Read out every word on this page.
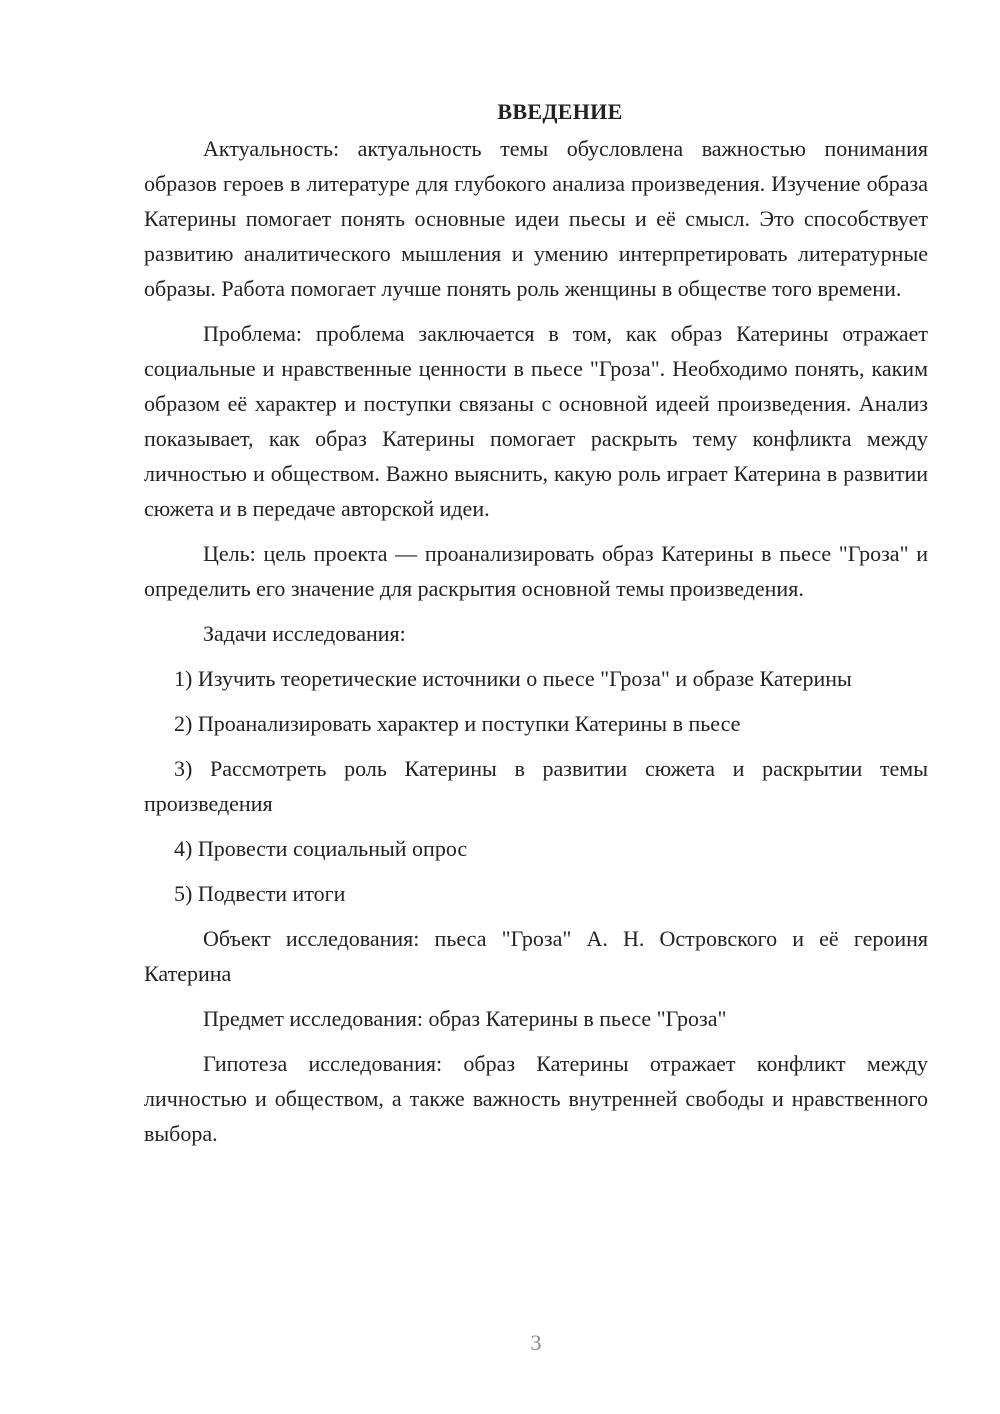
ВВЕДЕНИЕ

Актуальность: актуальность темы обусловлена важностью понимания образов героев в литературе для глубокого анализа произведения. Изучение образа Катерины помогает понять основные идеи пьесы и её смысл. Это способствует развитию аналитического мышления и умению интерпретировать литературные образы. Работа помогает лучше понять роль женщины в обществе того времени.

Проблема: проблема заключается в том, как образ Катерины отражает социальные и нравственные ценности в пьесе "Гроза". Необходимо понять, каким образом её характер и поступки связаны с основной идеей произведения. Анализ показывает, как образ Катерины помогает раскрыть тему конфликта между личностью и обществом. Важно выяснить, какую роль играет Катерина в развитии сюжета и в передаче авторской идеи.

Цель: цель проекта — проанализировать образ Катерины в пьесе "Гроза" и определить его значение для раскрытия основной темы произведения.

Задачи исследования:

1) Изучить теоретические источники о пьесе "Гроза" и образе Катерины

2) Проанализировать характер и поступки Катерины в пьесе

3) Рассмотреть роль Катерины в развитии сюжета и раскрытии темы произведения

4) Провести социальный опрос

5) Подвести итоги

Объект исследования: пьеса "Гроза" А. Н. Островского и её героиня Катерина

Предмет исследования: образ Катерины в пьесе "Гроза"

Гипотеза исследования: образ Катерины отражает конфликт между личностью и обществом, а также важность внутренней свободы и нравственного выбора.

3
